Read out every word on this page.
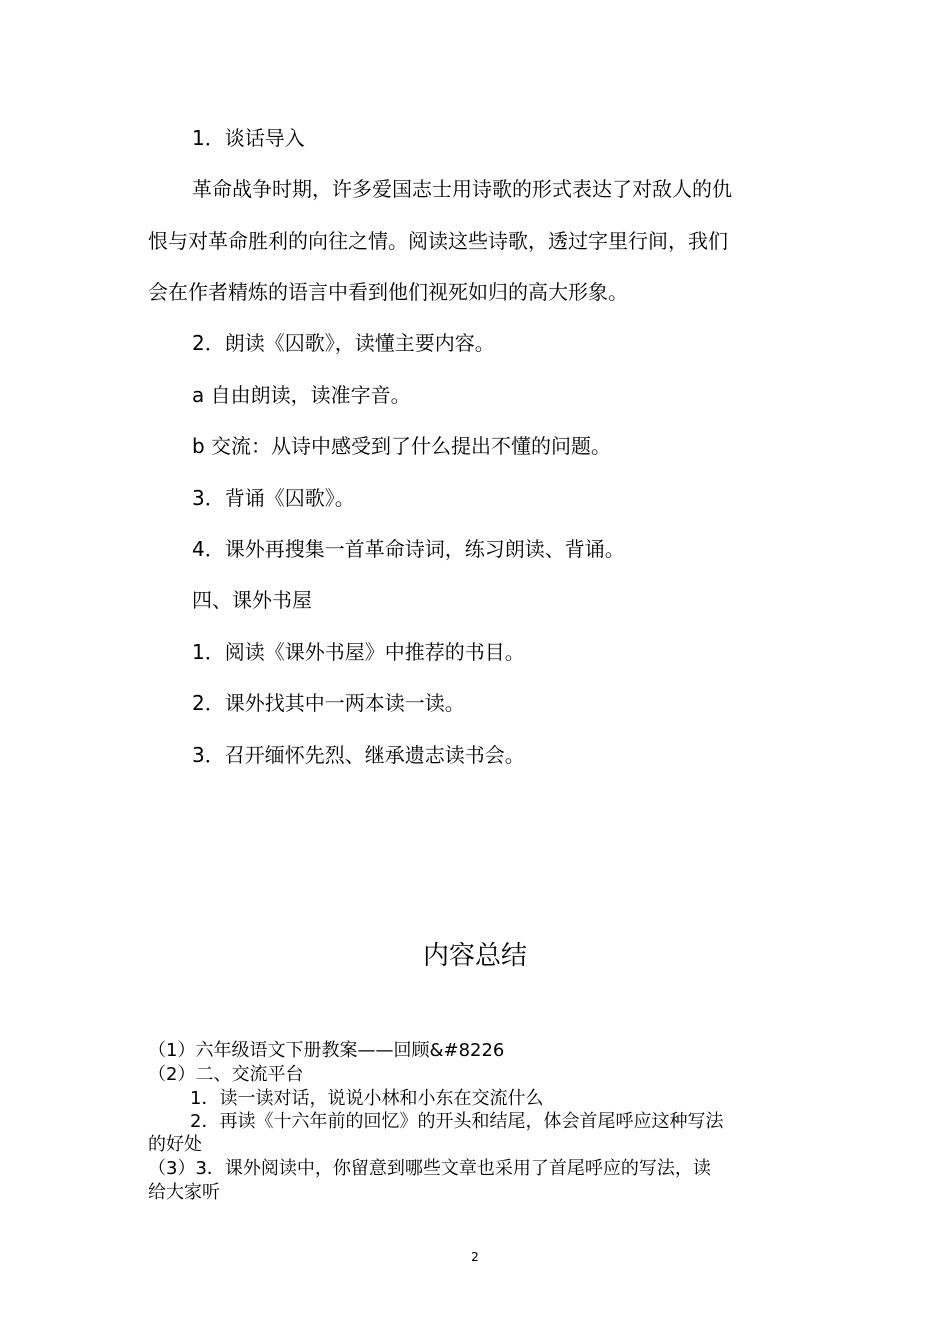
1．谈话导入
革命战争时期，许多爱国志士用诗歌的形式表达了对敌人的仇
恨与对革命胜利的向往之情。阅读这些诗歌，透过字里行间，我们
会在作者精炼的语言中看到他们视死如归的高大形象。
2．朗读《囚歌》，读懂主要内容。
a 自由朗读，读准字音。
b 交流：从诗中感受到了什么提出不懂的问题。
3．背诵《囚歌》。
4．课外再搜集一首革命诗词，练习朗读、背诵。
四、课外书屋
1．阅读《课外书屋》中推荐的书目。
2．课外找其中一两本读一读。
3．召开缅怀先烈、继承遗志读书会。
内容总结
（1）六年级语文下册教案——回顾&#8226
（2）二、交流平台
1．读一读对话，说说小林和小东在交流什么
2．再读《十六年前的回忆》的开头和结尾，体会首尾呼应这种写法
的好处
（3）3．课外阅读中，你留意到哪些文章也采用了首尾呼应的写法，读
给大家听
2
